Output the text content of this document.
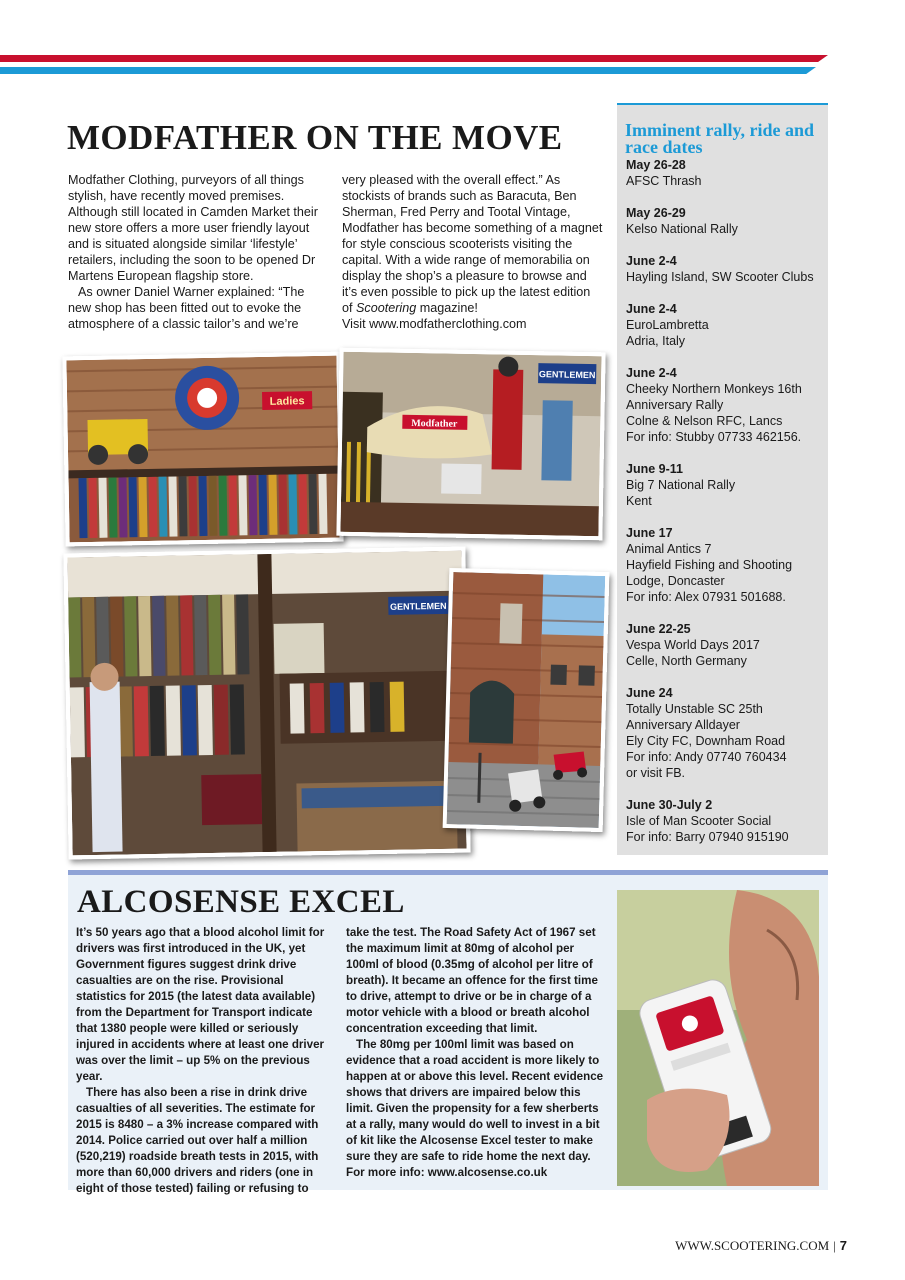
MODFATHER ON THE MOVE

Modfather Clothing, purveyors of all things stylish, have recently moved premises. Although still located in Camden Market their new store offers a more user friendly layout and is situated alongside similar ‘lifestyle’ retailers, including the soon to be opened Dr Martens European flagship store.

As owner Daniel Warner explained: “The new shop has been fitted out to evoke the atmosphere of a classic tailor’s and we’re

very pleased with the overall effect.” As stockists of brands such as Baracuta, Ben Sherman, Fred Perry and Tootal Vintage, Modfather has become something of a magnet for style conscious scooterists visiting the capital. With a wide range of memorabilia on display the shop’s a pleasure to browse and it’s even possible to pick up the latest edition of Scootering magazine!

Visit www.modfatherclothing.com

Imminent rally, ride and race dates
May 26-28
AFSC Thrash
May 26-29
Kelso National Rally
June 2-4
Hayling Island, SW Scooter Clubs
June 2-4
EuroLambretta
Adria, Italy
June 2-4
Cheeky Northern Monkeys 16th
Anniversary Rally
Colne & Nelson RFC, Lancs
For info: Stubby 07733 462156.
June 9-11
Big 7 National Rally
Kent
June 17
Animal Antics 7
Hayfield Fishing and Shooting
Lodge, Doncaster
For info: Alex 07931 501688.
June 22-25
Vespa World Days 2017
Celle, North Germany
June 24
Totally Unstable SC 25th
Anniversary Alldayer
Ely City FC, Downham Road
For info: Andy 07740 760434
or visit FB.
June 30-July 2
Isle of Man Scooter Social
For info: Barry 07940 915190
Ladies
GENTLEMEN
Modfather
GENTLEMEN
ALCOSENSE EXCEL

It’s 50 years ago that a blood alcohol limit for drivers was first introduced in the UK, yet Government figures suggest drink drive casualties are on the rise. Provisional statistics for 2015 (the latest data available) from the Department for Transport indicate that 1380 people were killed or seriously injured in accidents where at least one driver was over the limit – up 5% on the previous year.

There has also been a rise in drink drive casualties of all severities. The estimate for 2015 is 8480 – a 3% increase compared with 2014. Police carried out over half a million (520,219) roadside breath tests in 2015, with more than 60,000 drivers and riders (one in eight of those tested) failing or refusing to

take the test. The Road Safety Act of 1967 set the maximum limit at 80mg of alcohol per 100ml of blood (0.35mg of alcohol per litre of breath). It became an offence for the first time to drive, attempt to drive or be in charge of a motor vehicle with a blood or breath alcohol concentration exceeding that limit.

The 80mg per 100ml limit was based on evidence that a road accident is more likely to happen at or above this level. Recent evidence shows that drivers are impaired below this limit. Given the propensity for a few sherberts at a rally, many would do well to invest in a bit of kit like the Alcosense Excel tester to make sure they are safe to ride home the next day. For more info: www.alcosense.co.uk

WWW.SCOOTERING.COM | 7
